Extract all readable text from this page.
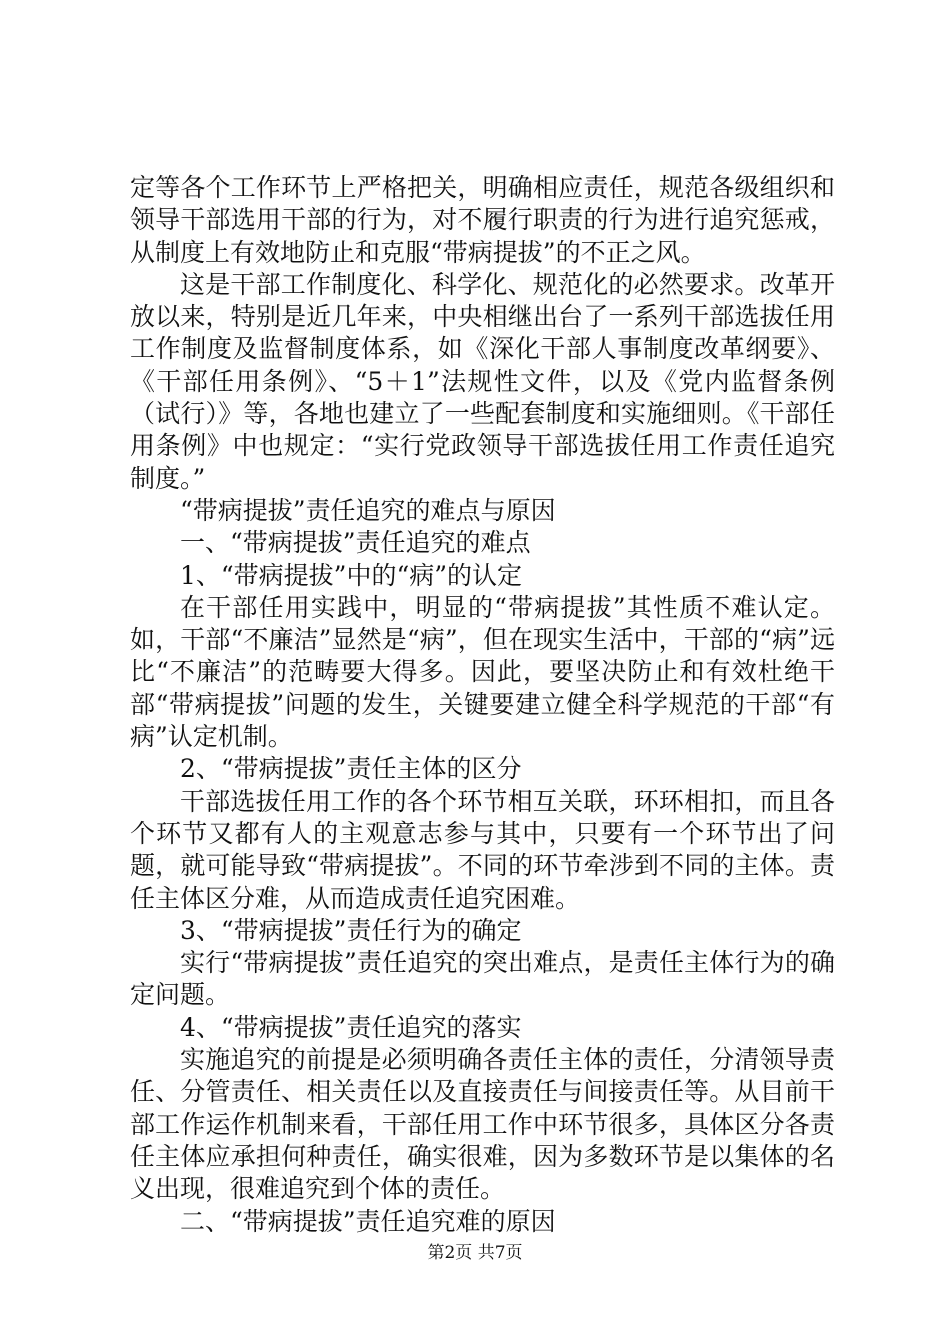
定等各个工作环节上严格把关，明确相应责任，规范各级组织和领导干部选用干部的行为，对不履行职责的行为进行追究惩戒，从制度上有效地防止和克服“带病提拔”的不正之风。

这是干部工作制度化、科学化、规范化的必然要求。改革开放以来，特别是近几年来，中央相继出台了一系列干部选拔任用工作制度及监督制度体系，如《深化干部人事制度改革纲要》、《干部任用条例》、“5＋1”法规性文件，以及《党内监督条例（试行）》等，各地也建立了一些配套制度和实施细则。《干部任用条例》中也规定：“实行党政领导干部选拔任用工作责任追究制度。”

“带病提拔”责任追究的难点与原因

一、“带病提拔”责任追究的难点

1、“带病提拔”中的“病”的认定

在干部任用实践中，明显的“带病提拔”其性质不难认定。如，干部“不廉洁”显然是“病”，但在现实生活中，干部的“病”远比“不廉洁”的范畴要大得多。因此，要坚决防止和有效杜绝干部“带病提拔”问题的发生，关键要建立健全科学规范的干部“有病”认定机制。

2、“带病提拔”责任主体的区分

干部选拔任用工作的各个环节相互关联，环环相扣，而且各个环节又都有人的主观意志参与其中，只要有一个环节出了问题，就可能导致“带病提拔”。不同的环节牵涉到不同的主体。责任主体区分难，从而造成责任追究困难。

3、“带病提拔”责任行为的确定

实行“带病提拔”责任追究的突出难点，是责任主体行为的确定问题。

4、“带病提拔”责任追究的落实

实施追究的前提是必须明确各责任主体的责任，分清领导责任、分管责任、相关责任以及直接责任与间接责任等。从目前干部工作运作机制来看，干部任用工作中环节很多，具体区分各责任主体应承担何种责任，确实很难，因为多数环节是以集体的名义出现，很难追究到个体的责任。

二、“带病提拔”责任追究难的原因

第2页 共7页
